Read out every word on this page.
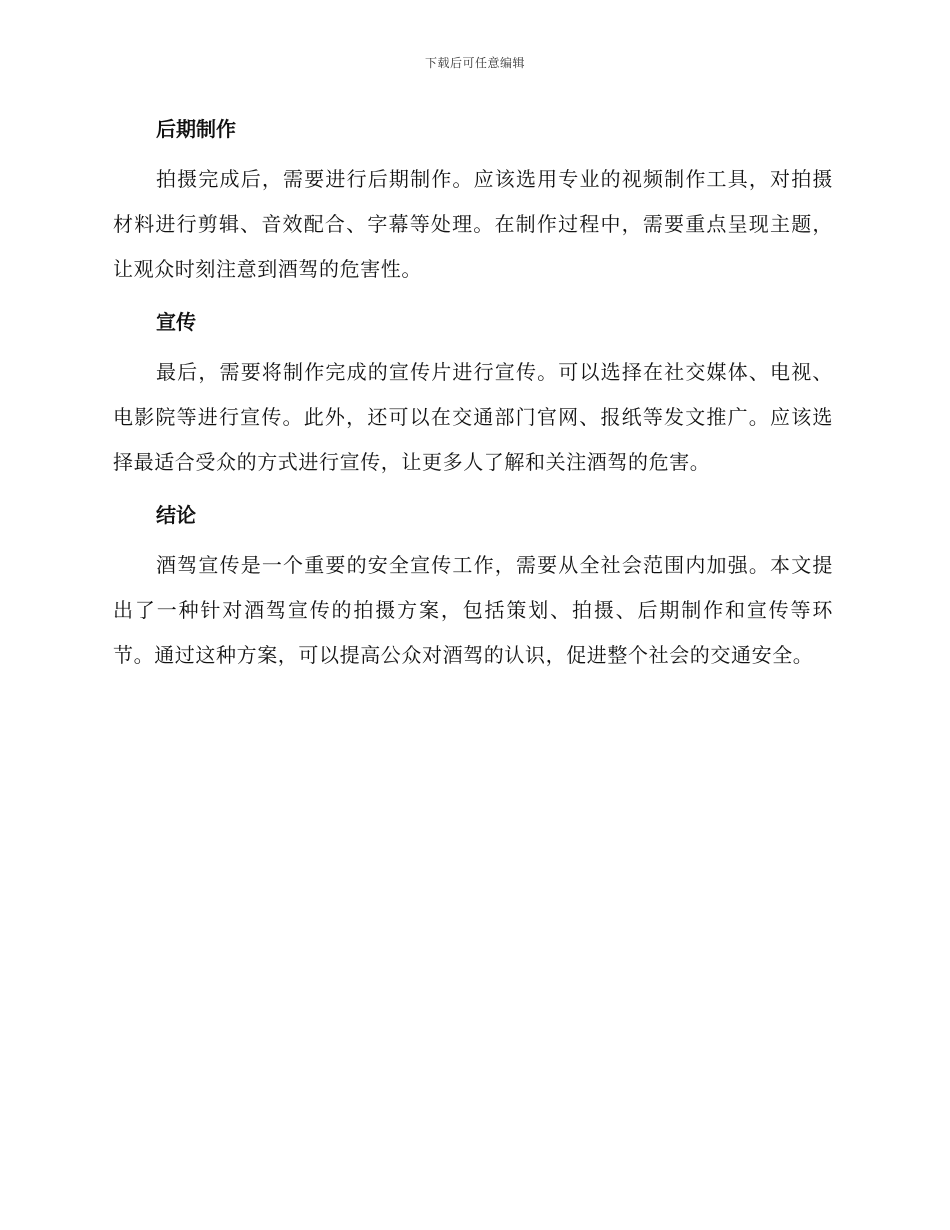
下载后可任意编辑
后期制作

拍摄完成后，需要进行后期制作。应该选用专业的视频制作工具，对拍摄材料进行剪辑、音效配合、字幕等处理。在制作过程中，需要重点呈现主题，让观众时刻注意到酒驾的危害性。

宣传

最后，需要将制作完成的宣传片进行宣传。可以选择在社交媒体、电视、电影院等进行宣传。此外，还可以在交通部门官网、报纸等发文推广。应该选择最适合受众的方式进行宣传，让更多人了解和关注酒驾的危害。

结论

酒驾宣传是一个重要的安全宣传工作，需要从全社会范围内加强。本文提出了一种针对酒驾宣传的拍摄方案，包括策划、拍摄、后期制作和宣传等环节。通过这种方案，可以提高公众对酒驾的认识，促进整个社会的交通安全。
